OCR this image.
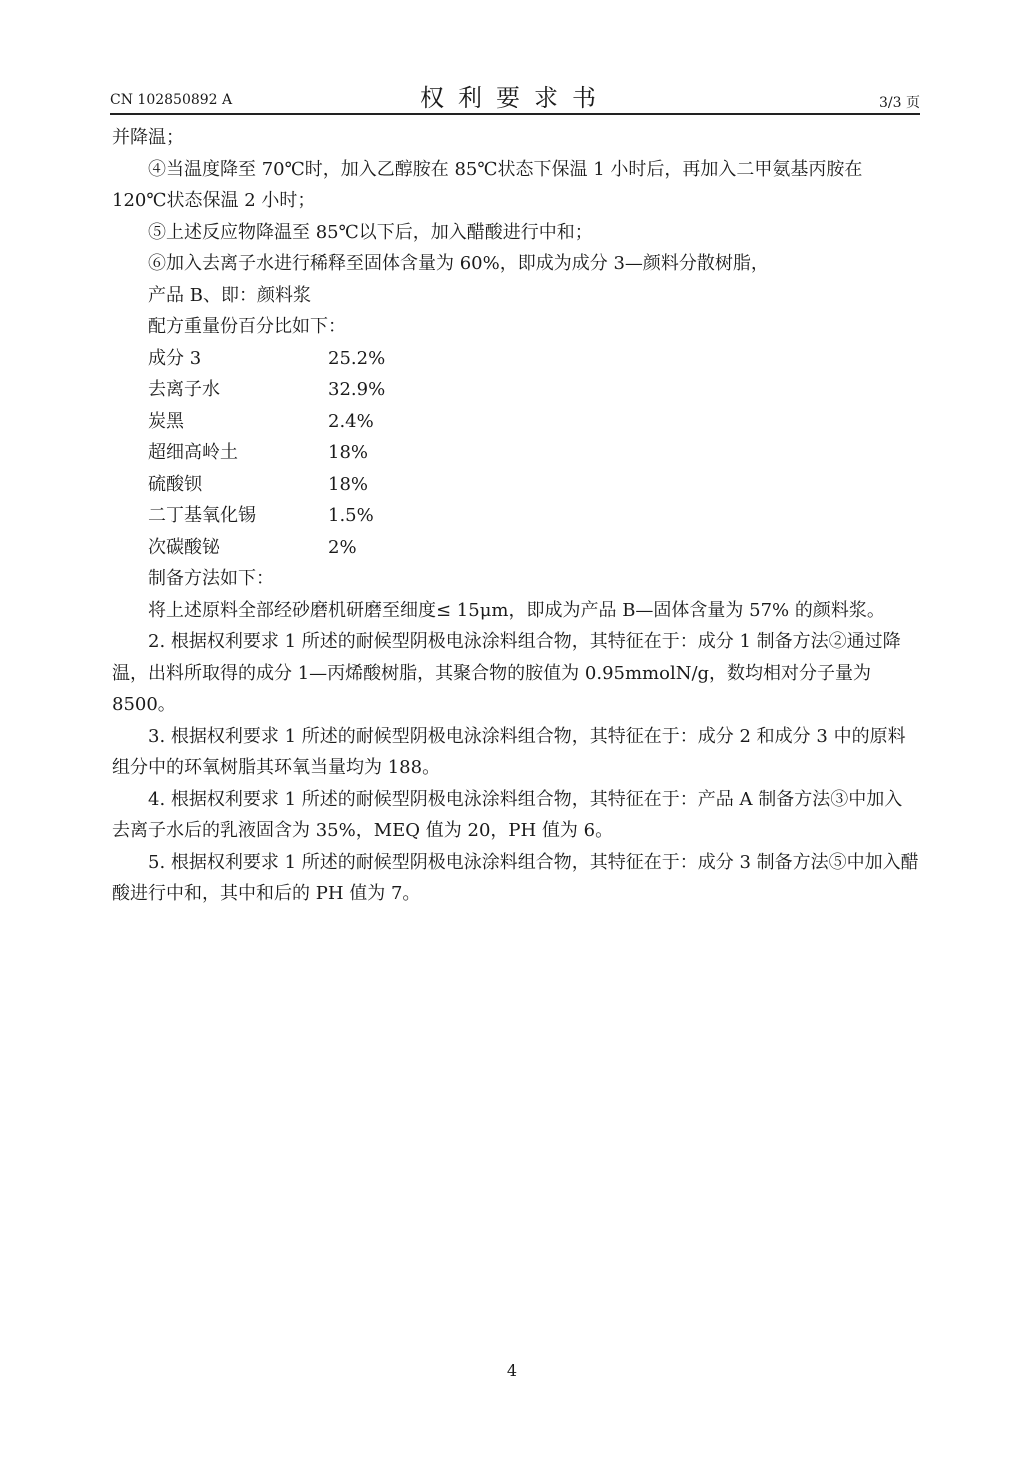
CN 102850892 A	权利要求书	3/3 页

并降温；

④当温度降至 70℃时，加入乙醇胺在 85℃状态下保温 1 小时后，再加入二甲氨基丙胺在 120℃状态保温 2 小时；

⑤上述反应物降温至 85℃以下后，加入醋酸进行中和；

⑥加入去离子水进行稀释至固体含量为 60%，即成为成分 3—颜料分散树脂，

产品 B、即：颜料浆

配方重量份百分比如下：

成分 3	25.2%
去离子水	32.9%
炭黑	2.4%
超细高岭土	18%
硫酸钡	18%
二丁基氧化锡	1.5%
次碳酸铋	2%

制备方法如下：

将上述原料全部经砂磨机研磨至细度≤ 15μm，即成为产品 B—固体含量为 57% 的颜料浆。

2. 根据权利要求 1 所述的耐候型阴极电泳涂料组合物，其特征在于：成分 1 制备方法②通过降温，出料所取得的成分 1—丙烯酸树脂，其聚合物的胺值为 0.95mmolN/g，数均相对分子量为 8500。

3. 根据权利要求 1 所述的耐候型阴极电泳涂料组合物，其特征在于：成分 2 和成分 3 中的原料组分中的环氧树脂其环氧当量均为 188。

4. 根据权利要求 1 所述的耐候型阴极电泳涂料组合物，其特征在于：产品 A 制备方法③中加入去离子水后的乳液固含为 35%，MEQ 值为 20，PH 值为 6。

5. 根据权利要求 1 所述的耐候型阴极电泳涂料组合物，其特征在于：成分 3 制备方法⑤中加入醋酸进行中和，其中和后的 PH 值为 7。

4
